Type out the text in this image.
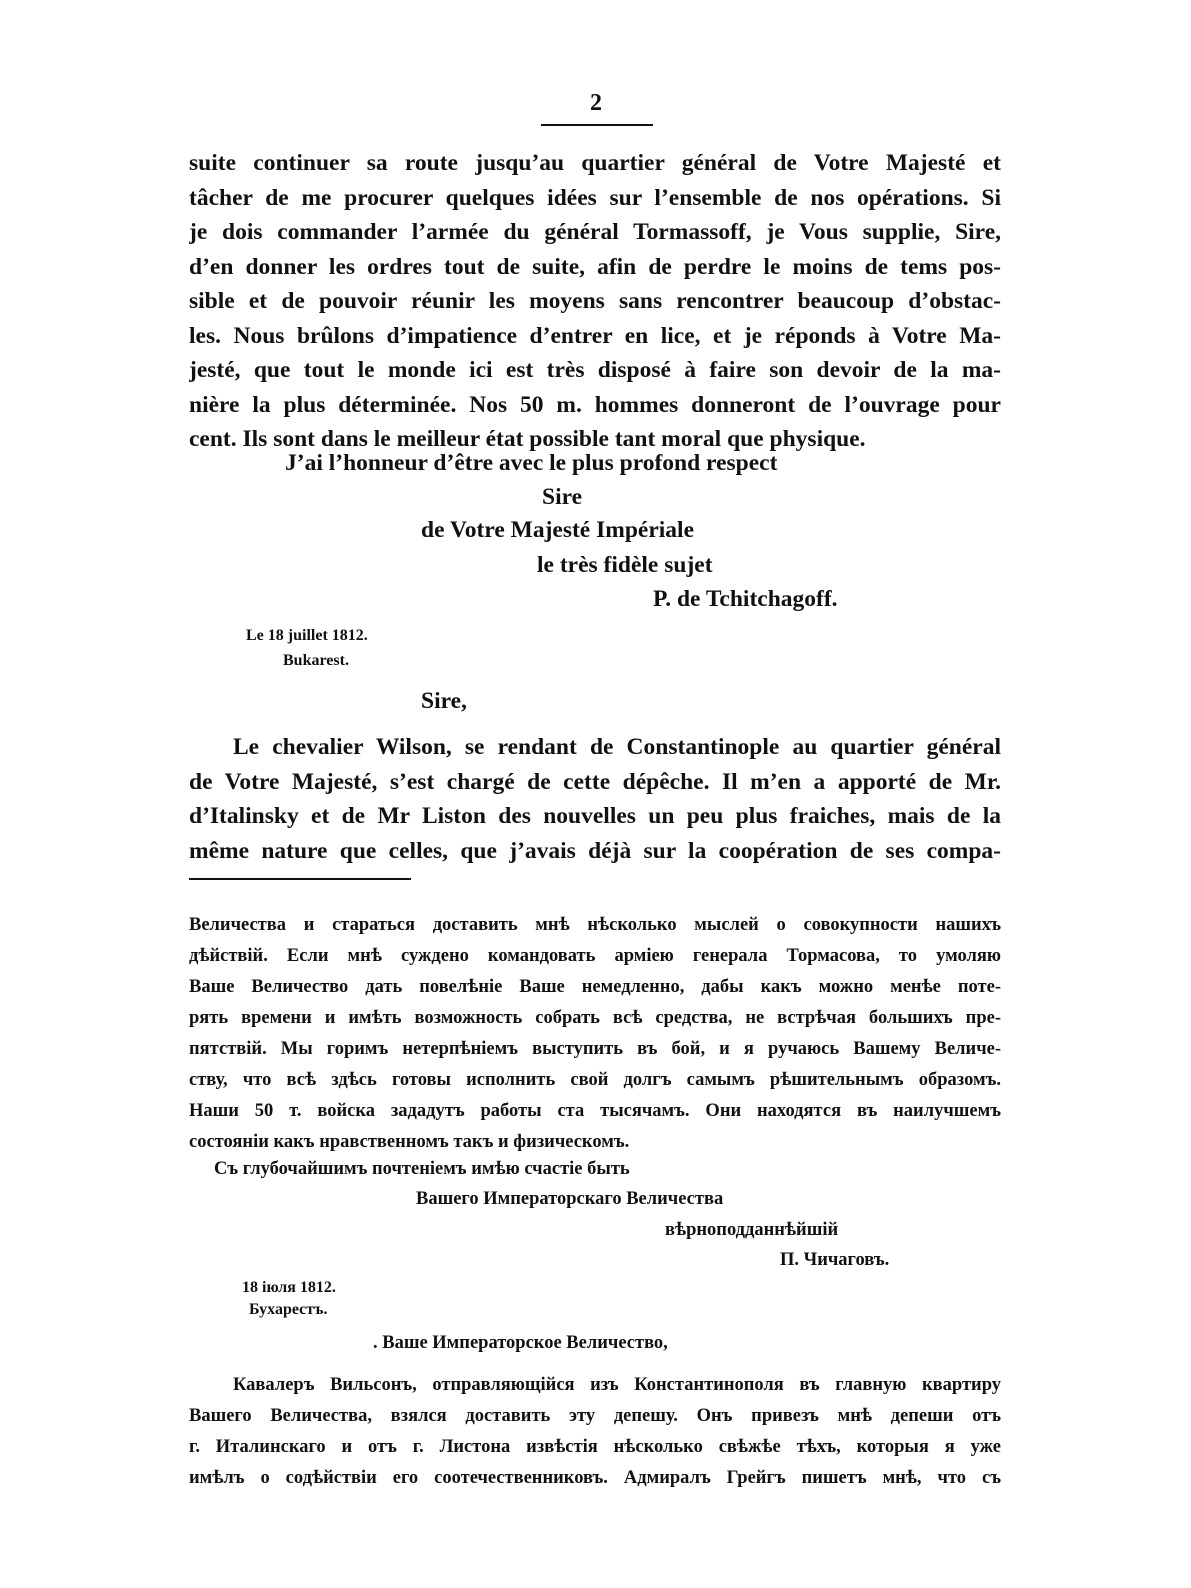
2
suite continuer sa route jusqu’au quartier général de Votre Majesté et
tâcher de me procurer quelques idées sur l’ensemble de nos opérations. Si
je dois commander l’armée du général Tormassoff, je Vous supplie, Sire,
d’en donner les ordres tout de suite, afin de perdre le moins de tems pos-
sible et de pouvoir réunir les moyens sans rencontrer beaucoup d’obstac-
les. Nous brûlons d’impatience d’entrer en lice, et je réponds à Votre Ma-
jesté, que tout le monde ici est très disposé à faire son devoir de la ma-
nière la plus déterminée. Nos 50 m. hommes donneront de l’ouvrage pour
cent. Ils sont dans le meilleur état possible tant moral que physique.
J’ai l’honneur d’être avec le plus profond respect
Sire
de Votre Majesté Impériale
le très fidèle sujet
P. de Tchitchagoff.
Le 18 juillet 1812.
Bukarest.
Sire,
Le chevalier Wilson, se rendant de Constantinople au quartier général
de Votre Majesté, s’est chargé de cette dépêche. Il m’en a apporté de Mr.
d’Italinsky et de Mr Liston des nouvelles un peu plus fraiches, mais de la
même nature que celles, que j’avais déjà sur la coopération de ses compa-
Величества и стараться доставить мнѣ нѣсколько мыслей о совокупности нашихъ
дѣйствій. Если мнѣ суждено командовать арміею генерала Тормасова, то умоляю
Ваше Величество дать повелѣніе Ваше немедленно, дабы какъ можно менѣе поте-
рять времени и имѣть возможность собрать всѣ средства, не встрѣчая большихъ пре-
пятствій. Мы горимъ нетерпѣніемъ выступить въ бой, и я ручаюсь Вашему Величе-
ству, что всѣ здѣсь готовы исполнить свой долгъ самымъ рѣшительнымъ образомъ.
Наши 50 т. войска зададутъ работы ста тысячамъ. Они находятся въ наилучшемъ
состояніи какъ нравственномъ такъ и физическомъ.
Съ глубочайшимъ почтеніемъ имѣю счастіе быть
Вашего Императорскаго Величества
вѣрноподданнѣйшій
П. Чичаговъ.
18 іюля 1812.
Бухарестъ.
. Ваше Императорское Величество,
Кавалеръ Вильсонъ, отправляющійся изъ Константинополя въ главную квартиру
Вашего Величества, взялся доставить эту депешу. Онъ привезъ мнѣ депеши отъ
г. Италинскаго и отъ г. Листона извѣстія нѣсколько свѣжѣе тѣхъ, которыя я уже
имѣлъ о содѣйствіи его соотечественниковъ. Адмиралъ Грейгъ пишетъ мнѣ, что съ
